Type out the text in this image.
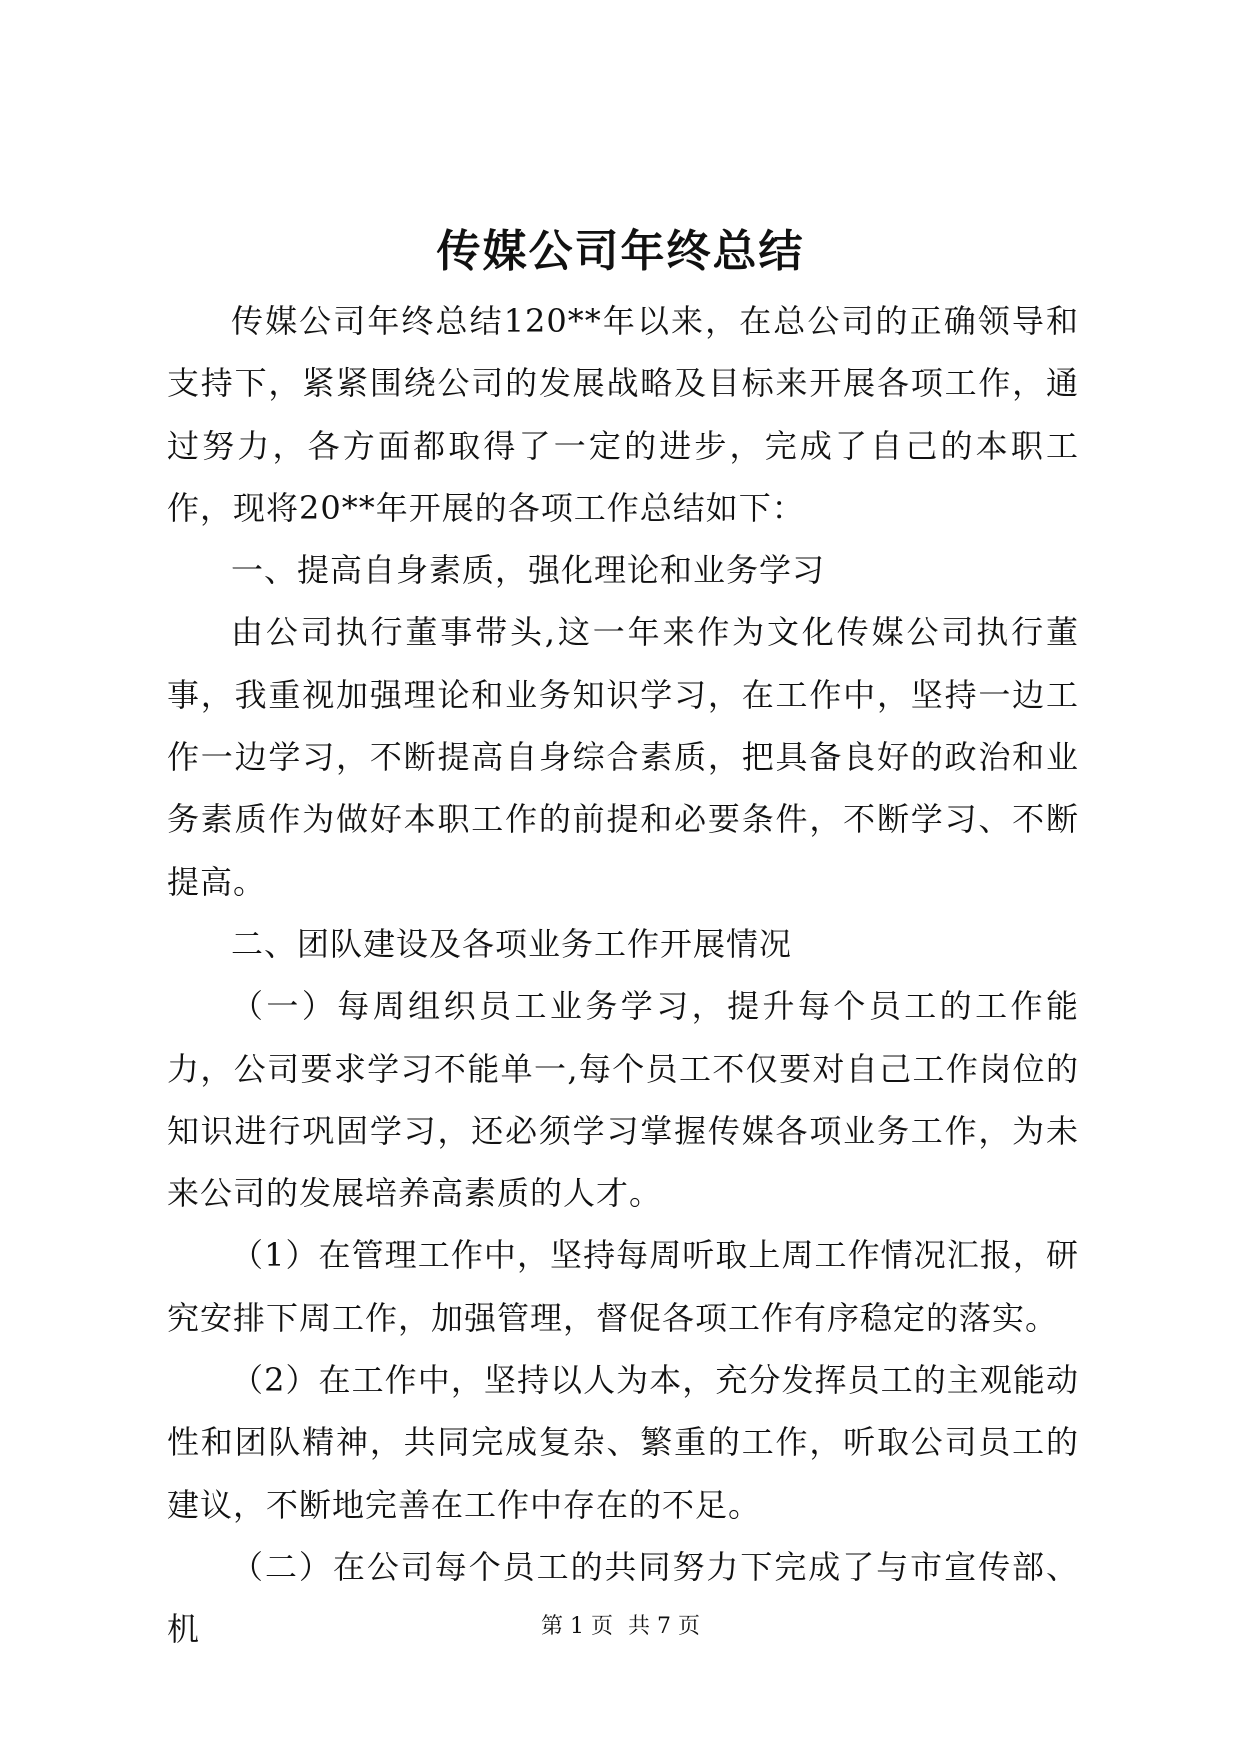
传媒公司年终总结

传媒公司年终总结120**年以来，在总公司的正确领导和支持下，紧紧围绕公司的发展战略及目标来开展各项工作，通过努力，各方面都取得了一定的进步，完成了自己的本职工作，现将20**年开展的各项工作总结如下：

一、提高自身素质，强化理论和业务学习

由公司执行董事带头,这一年来作为文化传媒公司执行董事，我重视加强理论和业务知识学习，在工作中，坚持一边工作一边学习，不断提高自身综合素质，把具备良好的政治和业务素质作为做好本职工作的前提和必要条件，不断学习、不断提高。

二、团队建设及各项业务工作开展情况

（一）每周组织员工业务学习，提升每个员工的工作能力，公司要求学习不能单一,每个员工不仅要对自己工作岗位的知识进行巩固学习，还必须学习掌握传媒各项业务工作，为未来公司的发展培养高素质的人才。

（1）在管理工作中，坚持每周听取上周工作情况汇报，研究安排下周工作，加强管理，督促各项工作有序稳定的落实。

（2）在工作中，坚持以人为本，充分发挥员工的主观能动性和团队精神，共同完成复杂、繁重的工作，听取公司员工的建议，不断地完善在工作中存在的不足。

（二）在公司每个员工的共同努力下完成了与市宣传部、机	第 1 页 共 7 页
